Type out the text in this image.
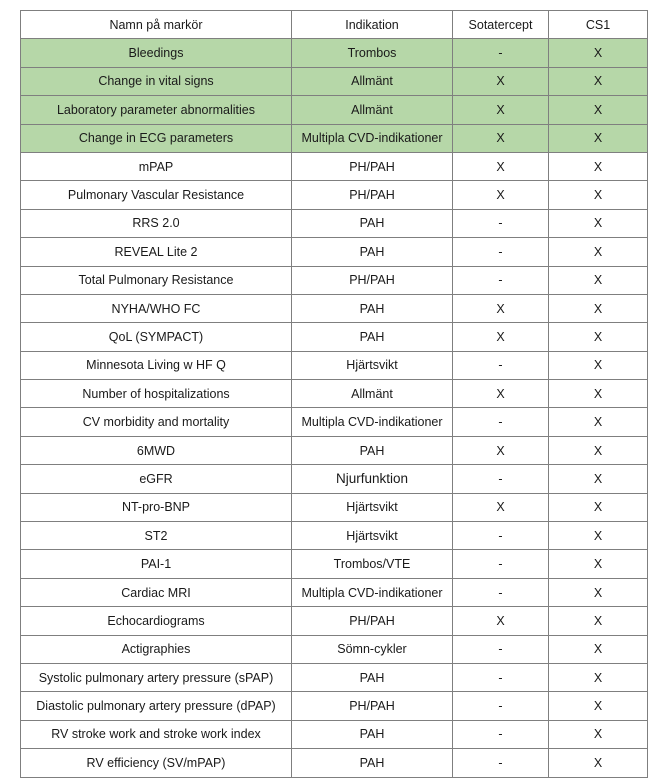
Namn på markör	Indikation	Sotatercept	CS1
Bleedings	Trombos	-	X
Change in vital signs	Allmänt	X	X
Laboratory parameter abnormalities	Allmänt	X	X
Change in ECG parameters	Multipla CVD-indikationer	X	X
mPAP	PH/PAH	X	X
Pulmonary Vascular Resistance	PH/PAH	X	X
RRS 2.0	PAH	-	X
REVEAL Lite 2	PAH	-	X
Total Pulmonary Resistance	PH/PAH	-	X
NYHA/WHO FC	PAH	X	X
QoL (SYMPACT)	PAH	X	X
Minnesota Living w HF Q	Hjärtsvikt	-	X
Number of hospitalizations	Allmänt	X	X
CV morbidity and mortality	Multipla CVD-indikationer	-	X
6MWD	PAH	X	X
eGFR	Njurfunktion	-	X
NT-pro-BNP	Hjärtsvikt	X	X
ST2	Hjärtsvikt	-	X
PAI-1	Trombos/VTE	-	X
Cardiac MRI	Multipla CVD-indikationer	-	X
Echocardiograms	PH/PAH	X	X
Actigraphies	Sömn-cykler	-	X
Systolic pulmonary artery pressure (sPAP)	PAH	-	X
Diastolic pulmonary artery pressure (dPAP)	PH/PAH	-	X
RV stroke work and stroke work index	PAH	-	X
RV efficiency (SV/mPAP)	PAH	-	X
